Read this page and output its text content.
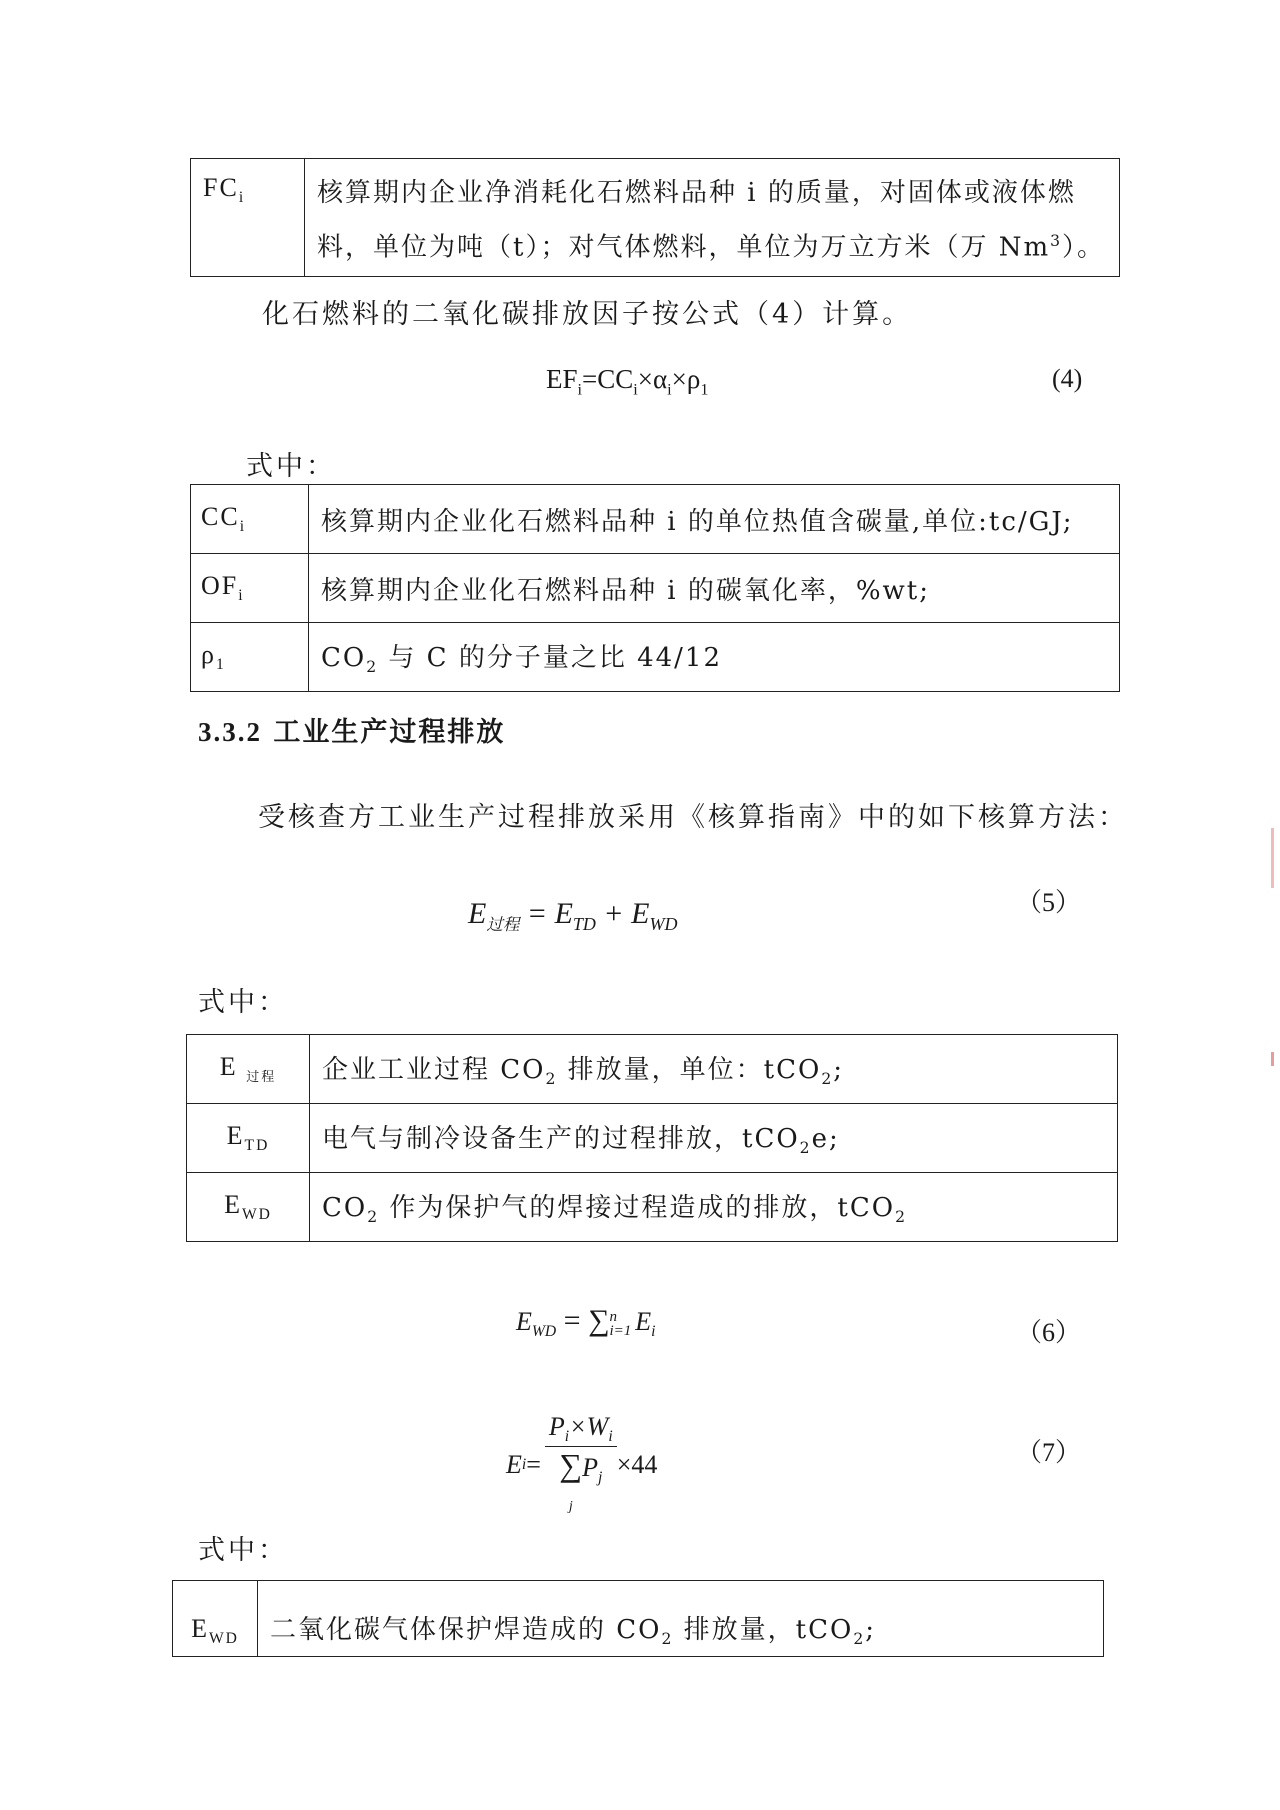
$FC_i$	核算期内企业净消耗化石燃料品种 i 的质量，对固体或液体燃
料，单位为吨（t）；对气体燃料，单位为万立方米（万 Nm$^3$）。
化石燃料的二氧化碳排放因子按公式（4）计算。
$EF_i=CC_i\times\alpha_i\times\rho_1$	(4)
式中：
$CC_i$	核算期内企业化石燃料品种 i 的单位热值含碳量,单位:tc/GJ;
$OF_i$	核算期内企业化石燃料品种 i 的碳氧化率，%wt;
$\rho_1$	$CO_2$ 与 C 的分子量之比 44/12
3.3.2 工业生产过程排放
受核查方工业生产过程排放采用《核算指南》中的如下核算方法：
$E_{过程} = E_{TD} + E_{WD}$
（5）
式中：
E $_{过程}$	企业工业过程 $CO_2$ 排放量，单位：tCO$_2$;
$E_{TD}$	电气与制冷设备生产的过程排放，tCO$_2$e;
$E_{WD}$	$CO_2$ 作为保护气的焊接过程造成的排放，tCO$_2$
$E_{WD} = \sum n$
i=1 $E_i$	（6）
E i =
$P_i\times W_i$
$\sum P_j$
j
×44	（7）
式中：
$E_{WD}$	二氧化碳气体保护焊造成的 $CO_2$ 排放量，tCO$_2$;
